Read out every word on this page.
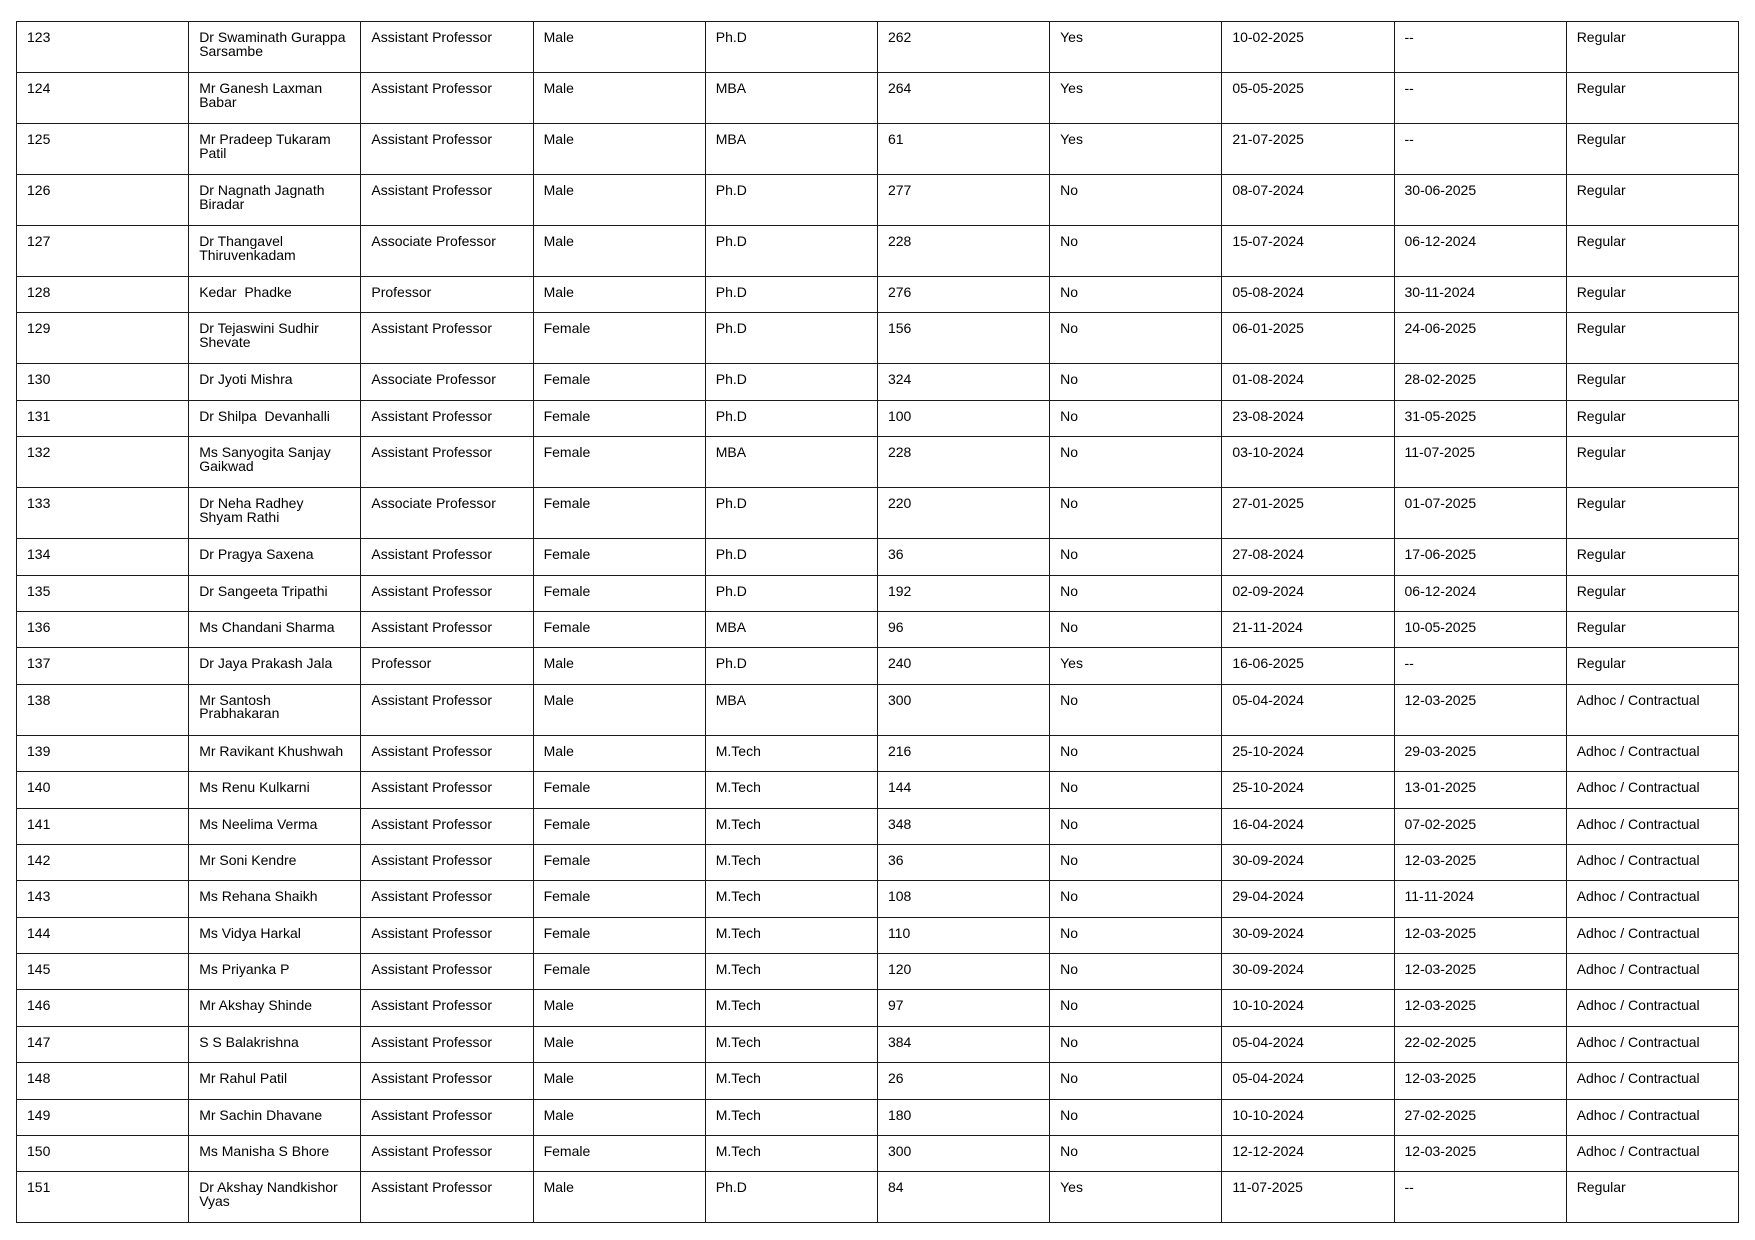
123	Dr Swaminath Gurappa Sarsambe	Assistant Professor	Male	Ph.D	262	Yes	10-02-2025	--	Regular
124	Mr Ganesh Laxman Babar	Assistant Professor	Male	MBA	264	Yes	05-05-2025	--	Regular
125	Mr Pradeep Tukaram Patil	Assistant Professor	Male	MBA	61	Yes	21-07-2025	--	Regular
126	Dr Nagnath Jagnath Biradar	Assistant Professor	Male	Ph.D	277	No	08-07-2024	30-06-2025	Regular
127	Dr Thangavel Thiruvenkadam	Associate Professor	Male	Ph.D	228	No	15-07-2024	06-12-2024	Regular
128	Kedar  Phadke	Professor	Male	Ph.D	276	No	05-08-2024	30-11-2024	Regular
129	Dr Tejaswini Sudhir Shevate	Assistant Professor	Female	Ph.D	156	No	06-01-2025	24-06-2025	Regular
130	Dr Jyoti Mishra	Associate Professor	Female	Ph.D	324	No	01-08-2024	28-02-2025	Regular
131	Dr Shilpa  Devanhalli	Assistant Professor	Female	Ph.D	100	No	23-08-2024	31-05-2025	Regular
132	Ms Sanyogita Sanjay Gaikwad	Assistant Professor	Female	MBA	228	No	03-10-2024	11-07-2025	Regular
133	Dr Neha Radhey Shyam Rathi	Associate Professor	Female	Ph.D	220	No	27-01-2025	01-07-2025	Regular
134	Dr Pragya Saxena	Assistant Professor	Female	Ph.D	36	No	27-08-2024	17-06-2025	Regular
135	Dr Sangeeta Tripathi	Assistant Professor	Female	Ph.D	192	No	02-09-2024	06-12-2024	Regular
136	Ms Chandani Sharma	Assistant Professor	Female	MBA	96	No	21-11-2024	10-05-2025	Regular
137	Dr Jaya Prakash Jala	Professor	Male	Ph.D	240	Yes	16-06-2025	--	Regular
138	Mr Santosh Prabhakaran	Assistant Professor	Male	MBA	300	No	05-04-2024	12-03-2025	Adhoc / Contractual
139	Mr Ravikant Khushwah	Assistant Professor	Male	M.Tech	216	No	25-10-2024	29-03-2025	Adhoc / Contractual
140	Ms Renu Kulkarni	Assistant Professor	Female	M.Tech	144	No	25-10-2024	13-01-2025	Adhoc / Contractual
141	Ms Neelima Verma	Assistant Professor	Female	M.Tech	348	No	16-04-2024	07-02-2025	Adhoc / Contractual
142	Mr Soni Kendre	Assistant Professor	Female	M.Tech	36	No	30-09-2024	12-03-2025	Adhoc / Contractual
143	Ms Rehana Shaikh	Assistant Professor	Female	M.Tech	108	No	29-04-2024	11-11-2024	Adhoc / Contractual
144	Ms Vidya Harkal	Assistant Professor	Female	M.Tech	110	No	30-09-2024	12-03-2025	Adhoc / Contractual
145	Ms Priyanka P	Assistant Professor	Female	M.Tech	120	No	30-09-2024	12-03-2025	Adhoc / Contractual
146	Mr Akshay Shinde	Assistant Professor	Male	M.Tech	97	No	10-10-2024	12-03-2025	Adhoc / Contractual
147	S S Balakrishna	Assistant Professor	Male	M.Tech	384	No	05-04-2024	22-02-2025	Adhoc / Contractual
148	Mr Rahul Patil	Assistant Professor	Male	M.Tech	26	No	05-04-2024	12-03-2025	Adhoc / Contractual
149	Mr Sachin Dhavane	Assistant Professor	Male	M.Tech	180	No	10-10-2024	27-02-2025	Adhoc / Contractual
150	Ms Manisha S Bhore	Assistant Professor	Female	M.Tech	300	No	12-12-2024	12-03-2025	Adhoc / Contractual
151	Dr Akshay Nandkishor Vyas	Assistant Professor	Male	Ph.D	84	Yes	11-07-2025	--	Regular
